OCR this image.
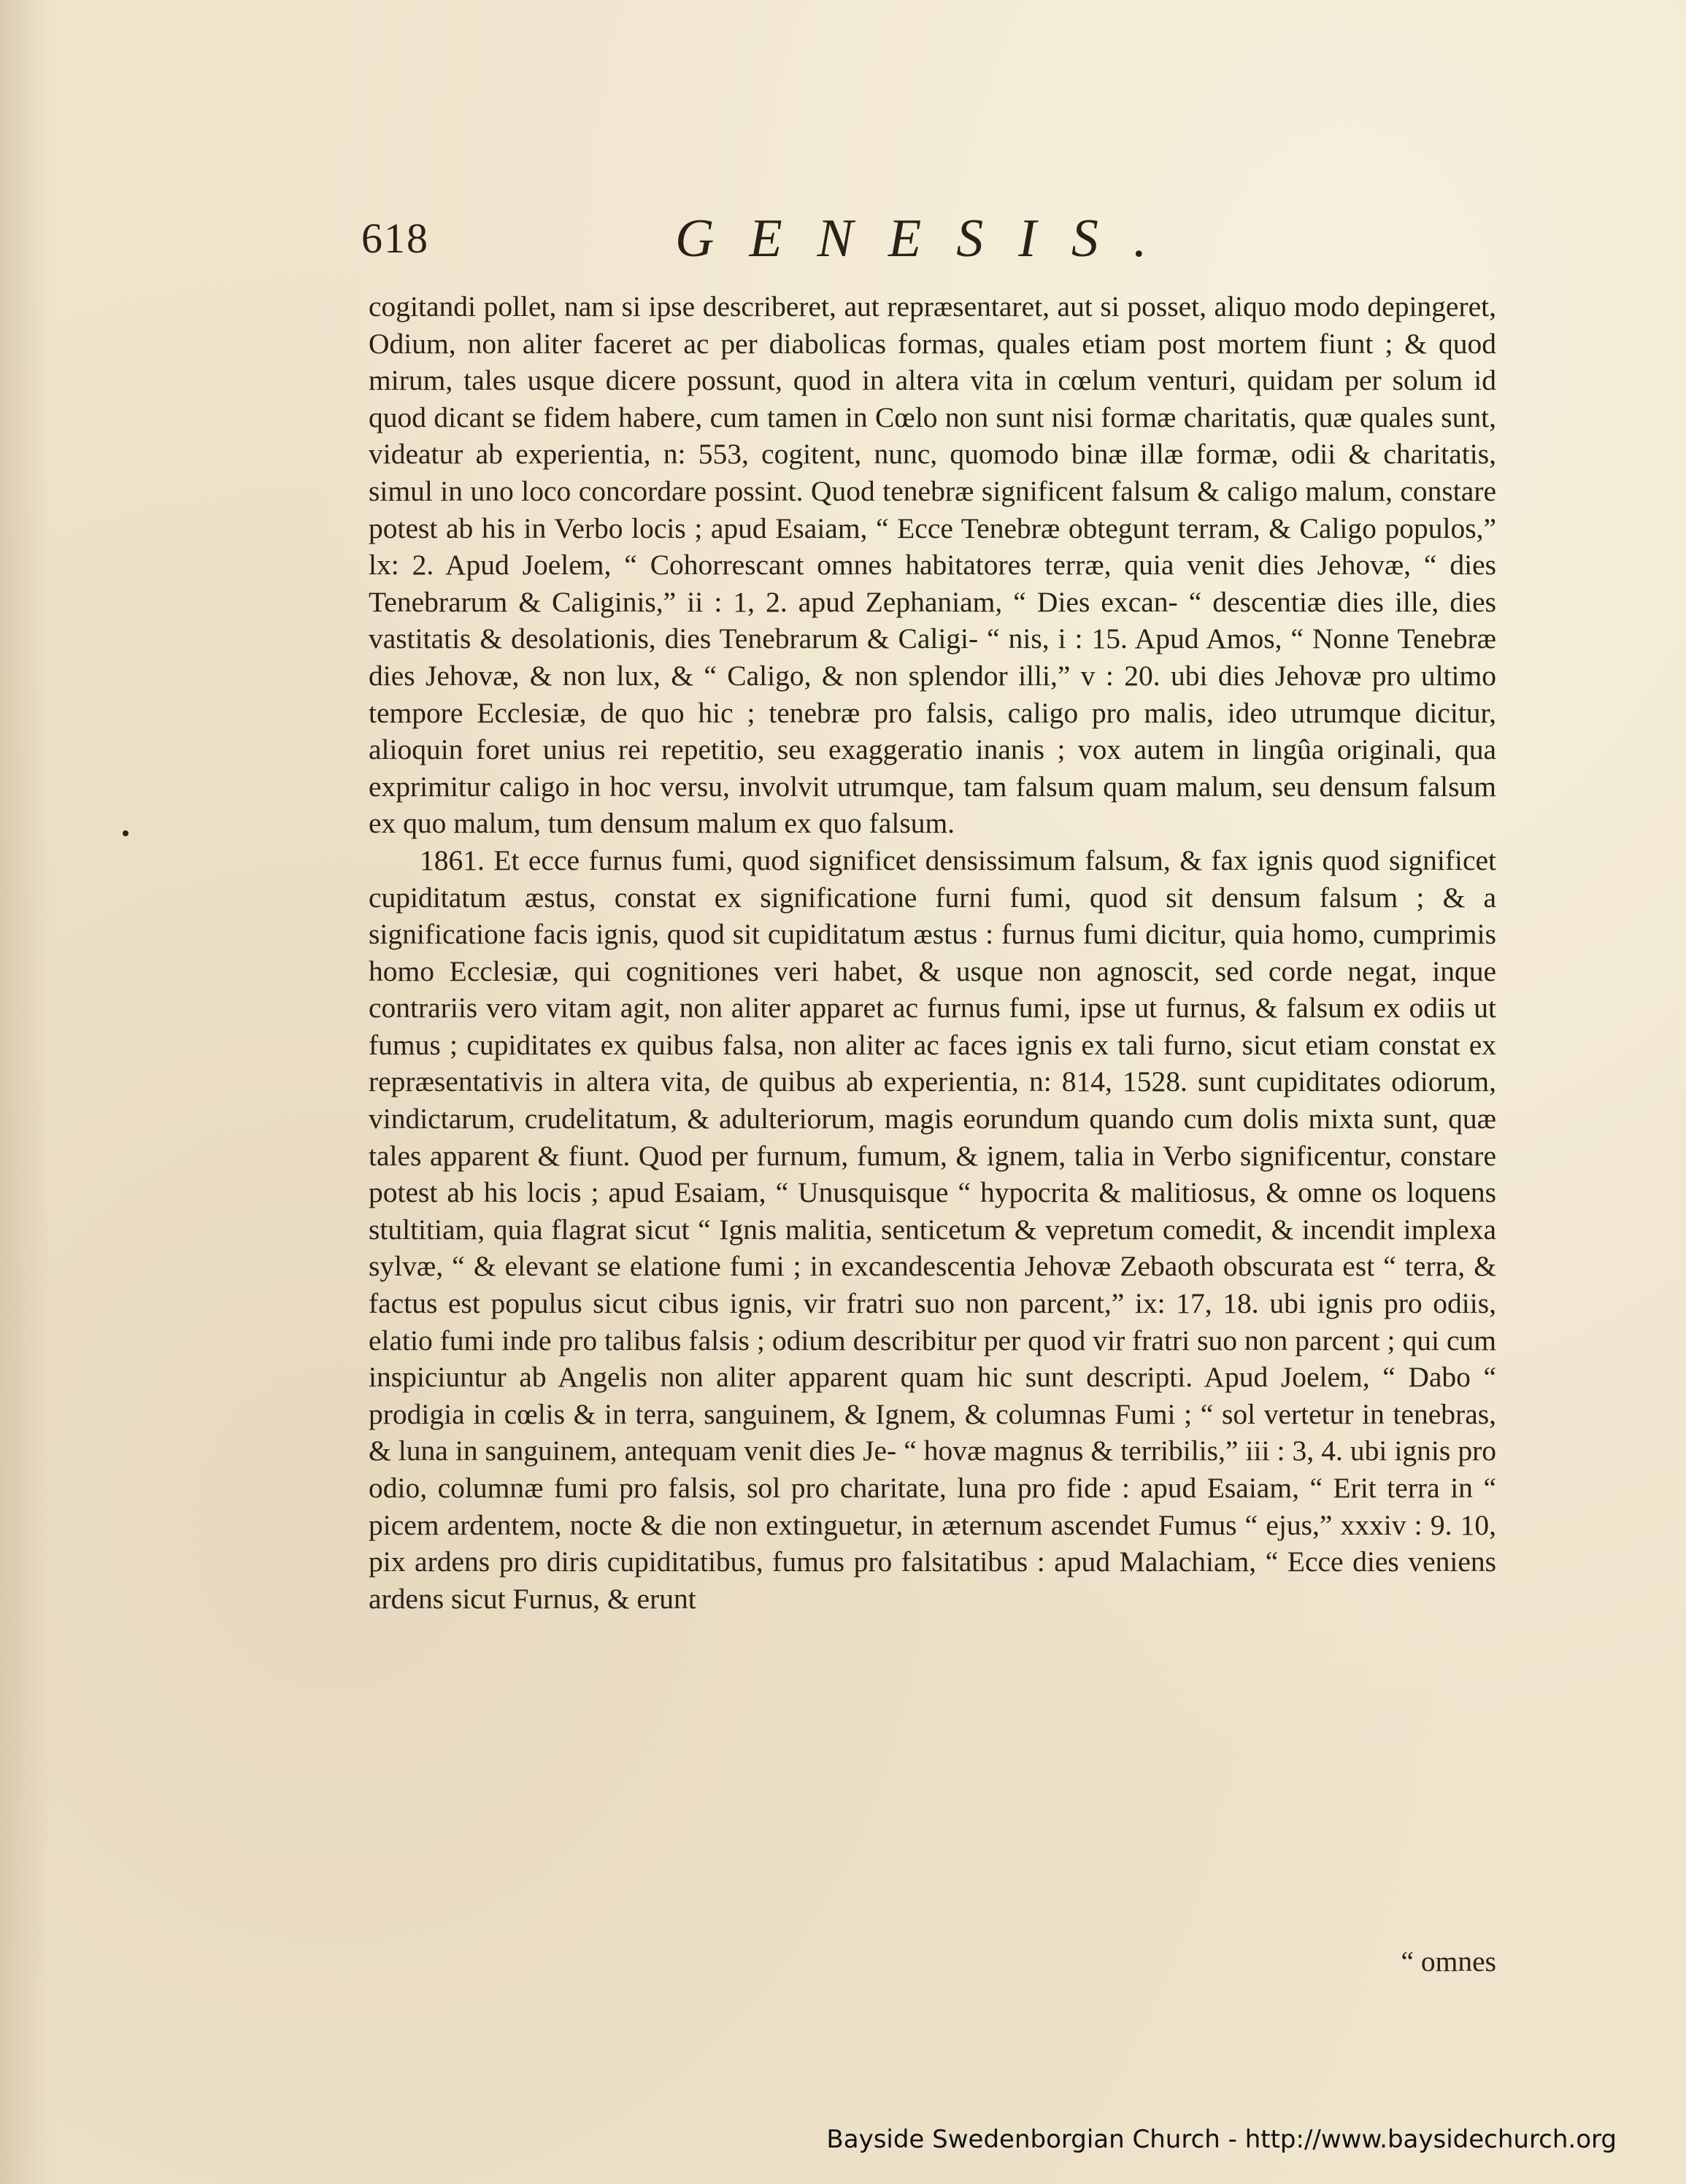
618	GENESIS.

cogitandi pollet, nam si ipse describeret, aut repræsentaret, aut si posset, aliquo modo depingeret, Odium, non aliter faceret ac per diabolicas formas, quales etiam post mortem fiunt ; & quod mirum, tales usque dicere possunt, quod in altera vita in cœlum venturi, quidam per solum id quod dicant se fidem habere, cum tamen in Cœlo non sunt nisi formæ charitatis, quæ quales sunt, videatur ab experientia, n: 553, cogitent, nunc, quomodo binæ illæ formæ, odii & charitatis, simul in uno loco concordare possint. Quod tenebræ significent falsum & caligo malum, constare potest ab his in Verbo locis ; apud Esaiam, “ Ecce Tenebræ obtegunt terram, & Caligo populos,” lx: 2. Apud Joelem, “ Cohorrescant omnes habitatores terræ, quia venit dies Jehovæ, “ dies Tenebrarum & Caliginis,” ii : 1, 2. apud Zephaniam, “ Dies excan- “ descentiæ dies ille, dies vastitatis & desolationis, dies Tenebrarum & Caligi- “ nis, i : 15. Apud Amos, “ Nonne Tenebræ dies Jehovæ, & non lux, & “ Caligo, & non splendor illi,” v : 20. ubi dies Jehovæ pro ultimo tempore Ecclesiæ, de quo hic ; tenebræ pro falsis, caligo pro malis, ideo utrumque dicitur, alioquin foret unius rei repetitio, seu exaggeratio inanis ; vox autem in lingûa originali, qua exprimitur caligo in hoc versu, involvit utrumque, tam falsum quam malum, seu densum falsum ex quo malum, tum densum malum ex quo falsum.

1861. Et ecce furnus fumi, quod significet densissimum falsum, & fax ignis quod significet cupiditatum æstus, constat ex significatione furni fumi, quod sit densum falsum ; & a significatione facis ignis, quod sit cupiditatum æstus : furnus fumi dicitur, quia homo, cumprimis homo Ecclesiæ, qui cognitiones veri habet, & usque non agnoscit, sed corde negat, inque contrariis vero vitam agit, non aliter apparet ac furnus fumi, ipse ut furnus, & falsum ex odiis ut fumus ; cupiditates ex quibus falsa, non aliter ac faces ignis ex tali furno, sicut etiam constat ex repræsentativis in altera vita, de quibus ab experientia, n: 814, 1528. sunt cupiditates odiorum, vindictarum, crudelitatum, & adulteriorum, magis eorundum quando cum dolis mixta sunt, quæ tales apparent & fiunt. Quod per furnum, fumum, & ignem, talia in Verbo significentur, constare potest ab his locis ; apud Esaiam, “ Unusquisque “ hypocrita & malitiosus, & omne os loquens stultitiam, quia flagrat sicut “ Ignis malitia, senticetum & vepretum comedit, & incendit implexa sylvæ, “ & elevant se elatione fumi ; in excandescentia Jehovæ Zebaoth obscurata est “ terra, & factus est populus sicut cibus ignis, vir fratri suo non parcent,” ix: 17, 18. ubi ignis pro odiis, elatio fumi inde pro talibus falsis ; odium describitur per quod vir fratri suo non parcent ; qui cum inspiciuntur ab Angelis non aliter apparent quam hic sunt descripti. Apud Joelem, “ Dabo “ prodigia in cœlis & in terra, sanguinem, & Ignem, & columnas Fumi ; “ sol vertetur in tenebras, & luna in sanguinem, antequam venit dies Je- “ hovæ magnus & terribilis,” iii : 3, 4. ubi ignis pro odio, columnæ fumi pro falsis, sol pro charitate, luna pro fide : apud Esaiam, “ Erit terra in “ picem ardentem, nocte & die non extinguetur, in æternum ascendet Fumus “ ejus,” xxxiv : 9. 10, pix ardens pro diris cupiditatibus, fumus pro falsitatibus : apud Malachiam, “ Ecce dies veniens ardens sicut Furnus, & erunt

“ omnes
Bayside Swedenborgian Church - http://www.baysidechurch.org
